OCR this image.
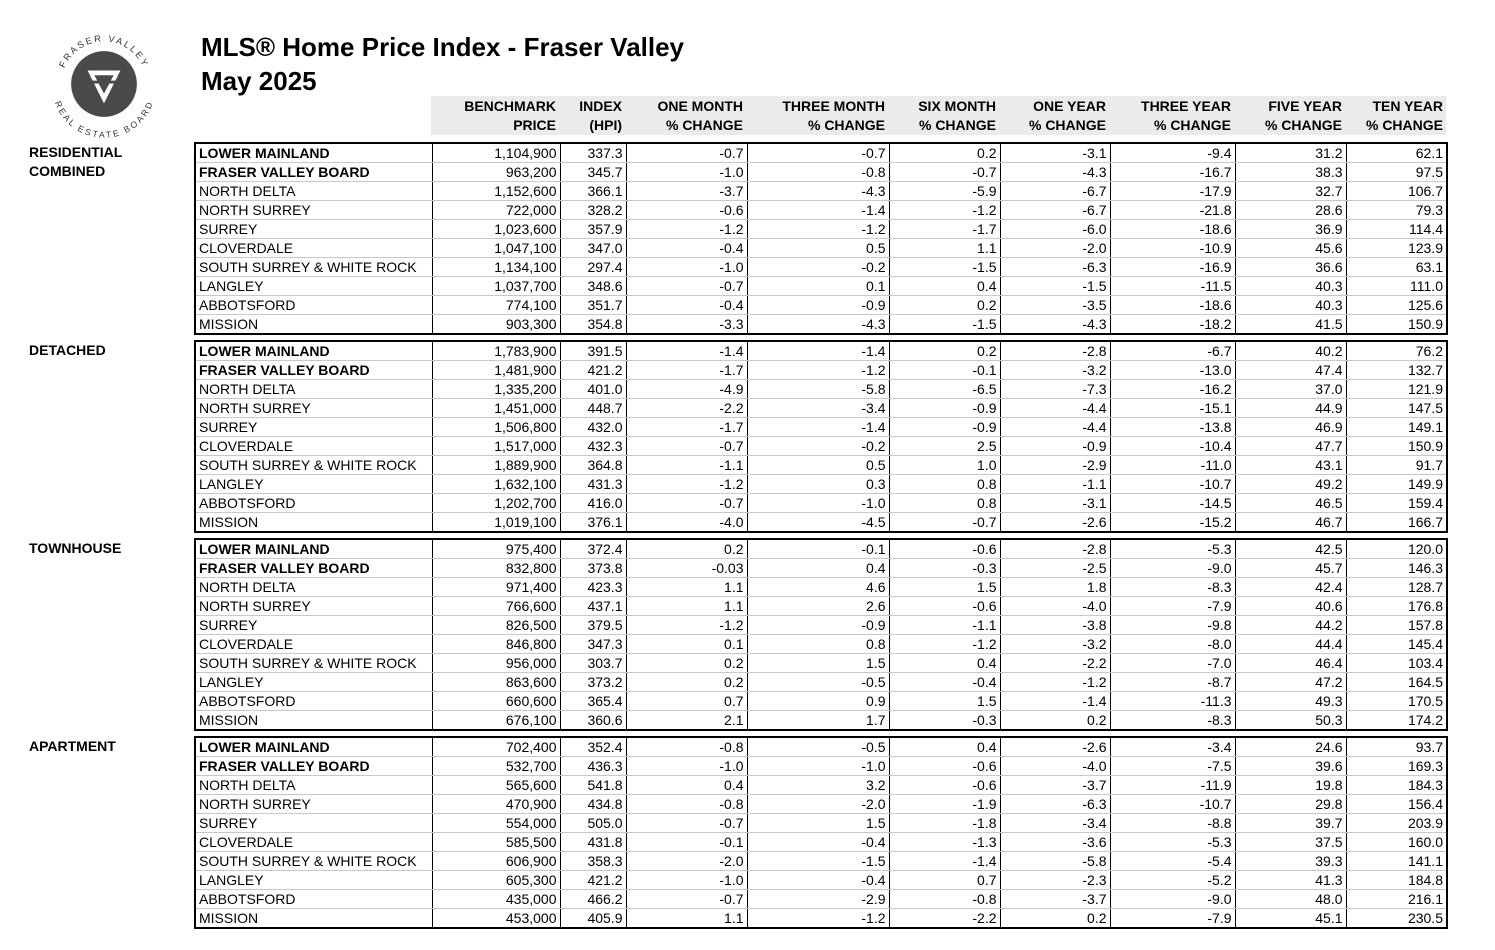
FRASER VALLEY
REAL ESTATE BOARD
MLS® Home Price Index - Fraser Valley
May 2025
BENCHMARK
PRICE
INDEX
(HPI)
ONE MONTH
% CHANGE
THREE MONTH
% CHANGE
SIX MONTH
% CHANGE
ONE YEAR
% CHANGE
THREE YEAR
% CHANGE
FIVE YEAR
% CHANGE
TEN YEAR
% CHANGE
RESIDENTIAL
COMBINED
LOWER MAINLAND	1,104,900	337.3	-0.7	-0.7	0.2	-3.1	-9.4	31.2	62.1
FRASER VALLEY BOARD	963,200	345.7	-1.0	-0.8	-0.7	-4.3	-16.7	38.3	97.5
NORTH DELTA	1,152,600	366.1	-3.7	-4.3	-5.9	-6.7	-17.9	32.7	106.7
NORTH SURREY	722,000	328.2	-0.6	-1.4	-1.2	-6.7	-21.8	28.6	79.3
SURREY	1,023,600	357.9	-1.2	-1.2	-1.7	-6.0	-18.6	36.9	114.4
CLOVERDALE	1,047,100	347.0	-0.4	0.5	1.1	-2.0	-10.9	45.6	123.9
SOUTH SURREY & WHITE ROCK	1,134,100	297.4	-1.0	-0.2	-1.5	-6.3	-16.9	36.6	63.1
LANGLEY	1,037,700	348.6	-0.7	0.1	0.4	-1.5	-11.5	40.3	111.0
ABBOTSFORD	774,100	351.7	-0.4	-0.9	0.2	-3.5	-18.6	40.3	125.6
MISSION	903,300	354.8	-3.3	-4.3	-1.5	-4.3	-18.2	41.5	150.9
DETACHED	LOWER MAINLAND	1,783,900	391.5	-1.4	-1.4	0.2	-2.8	-6.7	40.2	76.2
FRASER VALLEY BOARD	1,481,900	421.2	-1.7	-1.2	-0.1	-3.2	-13.0	47.4	132.7
NORTH DELTA	1,335,200	401.0	-4.9	-5.8	-6.5	-7.3	-16.2	37.0	121.9
NORTH SURREY	1,451,000	448.7	-2.2	-3.4	-0.9	-4.4	-15.1	44.9	147.5
SURREY	1,506,800	432.0	-1.7	-1.4	-0.9	-4.4	-13.8	46.9	149.1
CLOVERDALE	1,517,000	432.3	-0.7	-0.2	2.5	-0.9	-10.4	47.7	150.9
SOUTH SURREY & WHITE ROCK	1,889,900	364.8	-1.1	0.5	1.0	-2.9	-11.0	43.1	91.7
LANGLEY	1,632,100	431.3	-1.2	0.3	0.8	-1.1	-10.7	49.2	149.9
ABBOTSFORD	1,202,700	416.0	-0.7	-1.0	0.8	-3.1	-14.5	46.5	159.4
MISSION	1,019,100	376.1	-4.0	-4.5	-0.7	-2.6	-15.2	46.7	166.7
TOWNHOUSE	LOWER MAINLAND	975,400	372.4	0.2	-0.1	-0.6	-2.8	-5.3	42.5	120.0
FRASER VALLEY BOARD	832,800	373.8	-0.03	0.4	-0.3	-2.5	-9.0	45.7	146.3
NORTH DELTA	971,400	423.3	1.1	4.6	1.5	1.8	-8.3	42.4	128.7
NORTH SURREY	766,600	437.1	1.1	2.6	-0.6	-4.0	-7.9	40.6	176.8
SURREY	826,500	379.5	-1.2	-0.9	-1.1	-3.8	-9.8	44.2	157.8
CLOVERDALE	846,800	347.3	0.1	0.8	-1.2	-3.2	-8.0	44.4	145.4
SOUTH SURREY & WHITE ROCK	956,000	303.7	0.2	1.5	0.4	-2.2	-7.0	46.4	103.4
LANGLEY	863,600	373.2	0.2	-0.5	-0.4	-1.2	-8.7	47.2	164.5
ABBOTSFORD	660,600	365.4	0.7	0.9	1.5	-1.4	-11.3	49.3	170.5
MISSION	676,100	360.6	2.1	1.7	-0.3	0.2	-8.3	50.3	174.2
APARTMENT	LOWER MAINLAND	702,400	352.4	-0.8	-0.5	0.4	-2.6	-3.4	24.6	93.7
FRASER VALLEY BOARD	532,700	436.3	-1.0	-1.0	-0.6	-4.0	-7.5	39.6	169.3
NORTH DELTA	565,600	541.8	0.4	3.2	-0.6	-3.7	-11.9	19.8	184.3
NORTH SURREY	470,900	434.8	-0.8	-2.0	-1.9	-6.3	-10.7	29.8	156.4
SURREY	554,000	505.0	-0.7	1.5	-1.8	-3.4	-8.8	39.7	203.9
CLOVERDALE	585,500	431.8	-0.1	-0.4	-1.3	-3.6	-5.3	37.5	160.0
SOUTH SURREY & WHITE ROCK	606,900	358.3	-2.0	-1.5	-1.4	-5.8	-5.4	39.3	141.1
LANGLEY	605,300	421.2	-1.0	-0.4	0.7	-2.3	-5.2	41.3	184.8
ABBOTSFORD	435,000	466.2	-0.7	-2.9	-0.8	-3.7	-9.0	48.0	216.1
MISSION	453,000	405.9	1.1	-1.2	-2.2	0.2	-7.9	45.1	230.5
